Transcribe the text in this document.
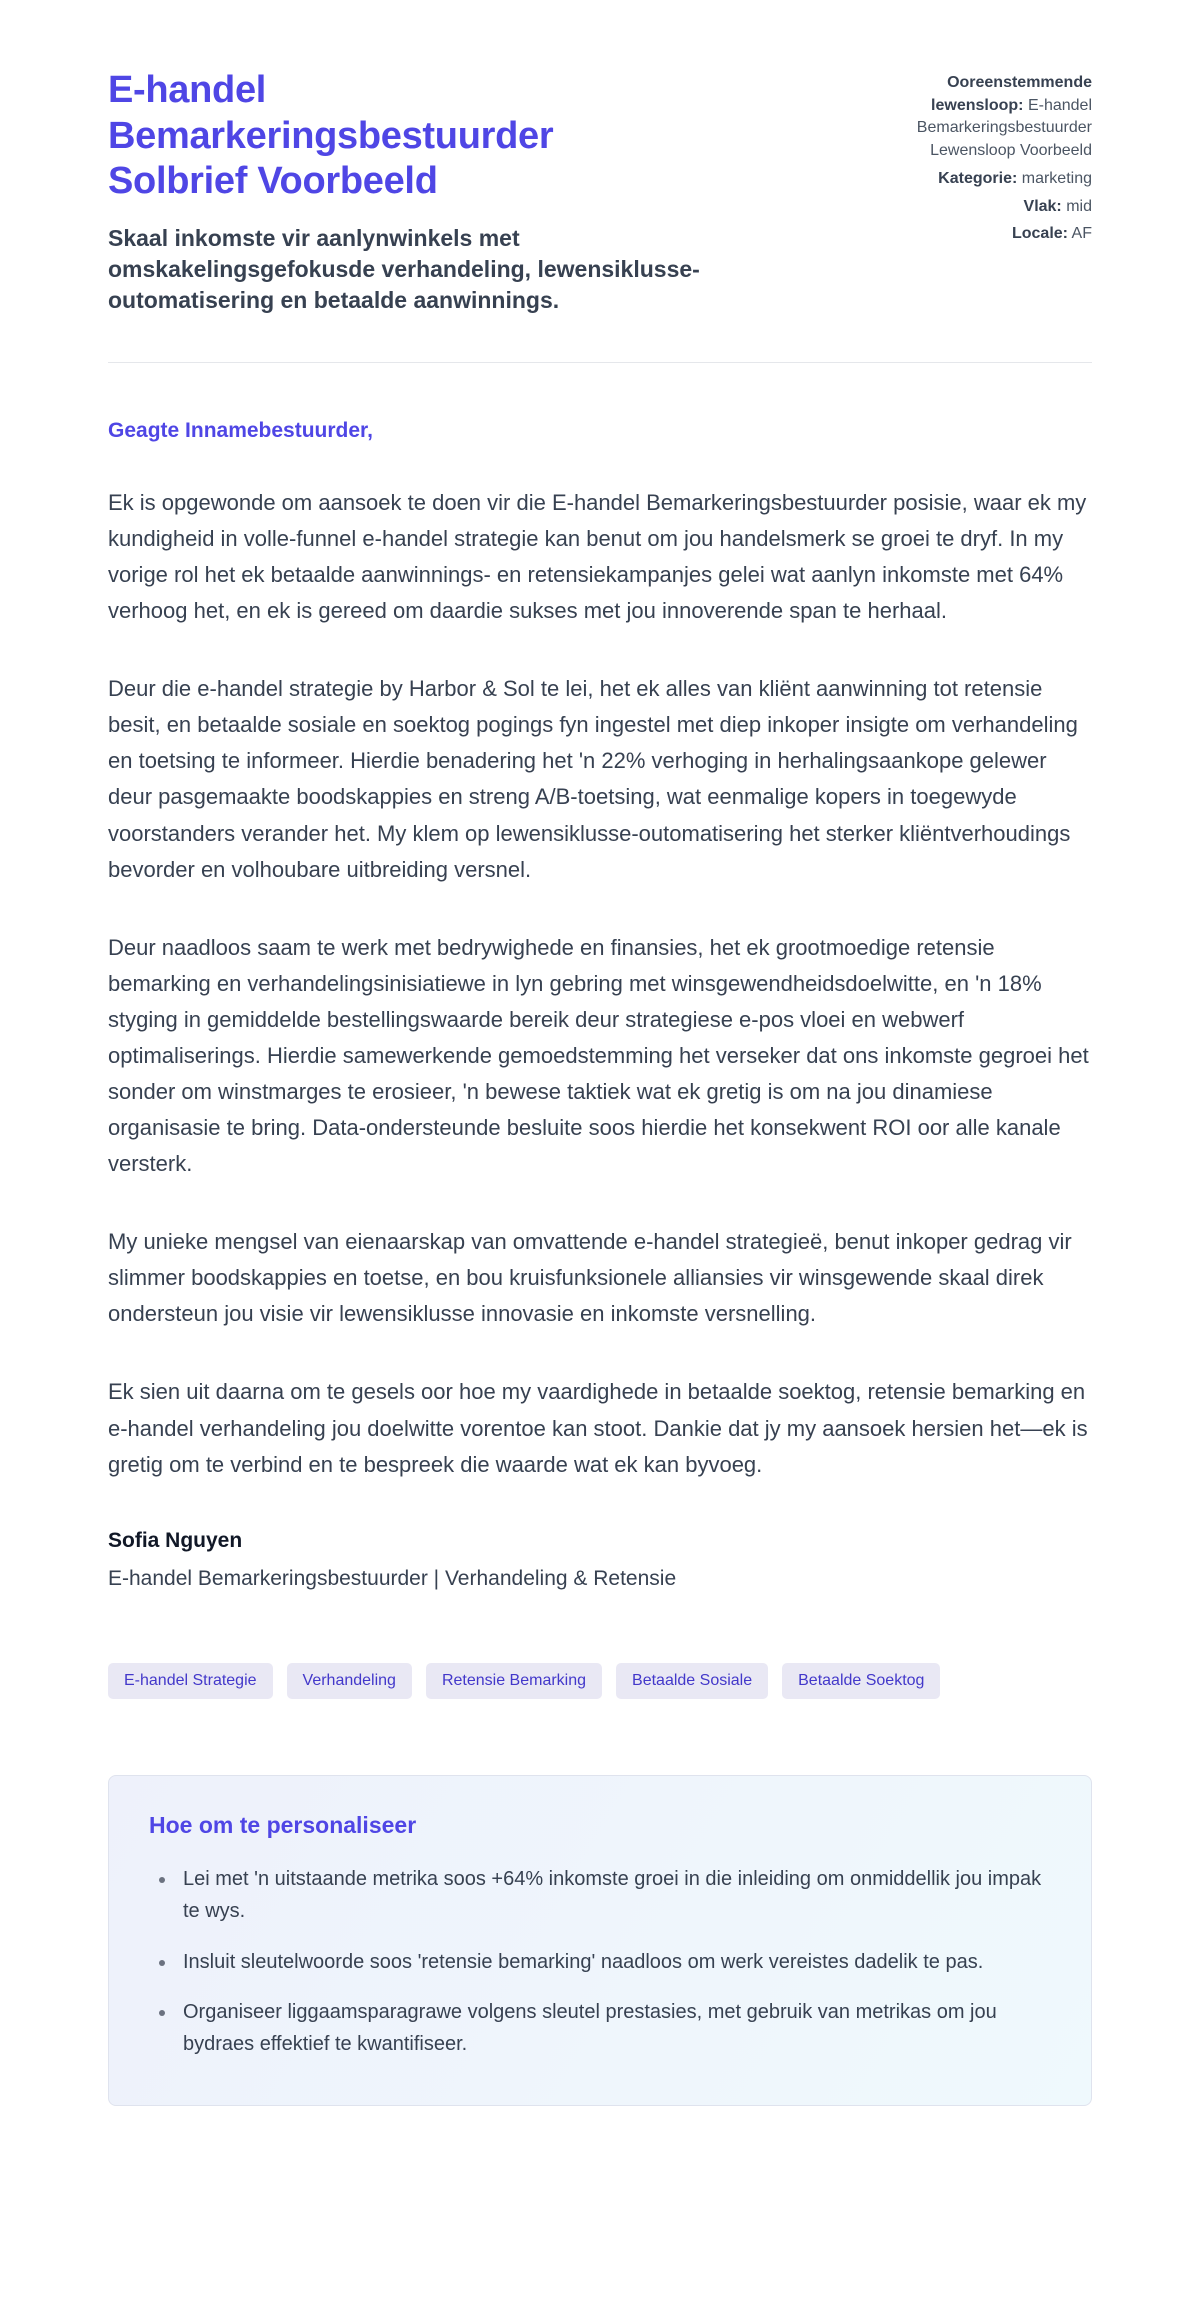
E-handel Bemarkeringsbestuurder Solbrief Voorbeeld

Skaal inkomste vir aanlynwinkels met omskakelingsgefokusde verhandeling, lewensiklusse-outomatisering en betaalde aanwinnings.

Ooreenstemmende lewensloop: E-handel Bemarkeringsbestuurder Lewensloop Voorbeeld

Kategorie: marketing

Vlak: mid

Locale: AF

Geagte Innamebestuurder,

Ek is opgewonde om aansoek te doen vir die E-handel Bemarkeringsbestuurder posisie, waar ek my kundigheid in volle-funnel e-handel strategie kan benut om jou handelsmerk se groei te dryf. In my vorige rol het ek betaalde aanwinnings- en retensiekampanjes gelei wat aanlyn inkomste met 64% verhoog het, en ek is gereed om daardie sukses met jou innoverende span te herhaal.

Deur die e-handel strategie by Harbor & Sol te lei, het ek alles van kliënt aanwinning tot retensie besit, en betaalde sosiale en soektog pogings fyn ingestel met diep inkoper insigte om verhandeling en toetsing te informeer. Hierdie benadering het 'n 22% verhoging in herhalingsaankope gelewer deur pasgemaakte boodskappies en streng A/B-toetsing, wat eenmalige kopers in toegewyde voorstanders verander het. My klem op lewensiklusse-outomatisering het sterker kliëntverhoudings bevorder en volhoubare uitbreiding versnel.

Deur naadloos saam te werk met bedrywighede en finansies, het ek grootmoedige retensie bemarking en verhandelingsinisiatiewe in lyn gebring met winsgewendheidsdoelwitte, en 'n 18% styging in gemiddelde bestellingswaarde bereik deur strategiese e-pos vloei en webwerf optimaliserings. Hierdie samewerkende gemoedstemming het verseker dat ons inkomste gegroei het sonder om winstmarges te erosieer, 'n bewese taktiek wat ek gretig is om na jou dinamiese organisasie te bring. Data-ondersteunde besluite soos hierdie het konsekwent ROI oor alle kanale versterk.

My unieke mengsel van eienaarskap van omvattende e-handel strategieë, benut inkoper gedrag vir slimmer boodskappies en toetse, en bou kruisfunksionele alliansies vir winsgewende skaal direk ondersteun jou visie vir lewensiklusse innovasie en inkomste versnelling.

Ek sien uit daarna om te gesels oor hoe my vaardighede in betaalde soektog, retensie bemarking en e-handel verhandeling jou doelwitte vorentoe kan stoot. Dankie dat jy my aansoek hersien het—ek is gretig om te verbind en te bespreek die waarde wat ek kan byvoeg.

Sofia Nguyen

E-handel Bemarkeringsbestuurder | Verhandeling & Retensie

E-handel Strategie	Verhandeling	Retensie Bemarking	Betaalde Sosiale	Betaalde Soektog
Hoe om te personaliseer
• Lei met 'n uitstaande metrika soos +64% inkomste groei in die inleiding om onmiddellik jou impak te wys.
• Insluit sleutelwoorde soos 'retensie bemarking' naadloos om werk vereistes dadelik te pas.
• Organiseer liggaamsparagrawe volgens sleutel prestasies, met gebruik van metrikas om jou bydraes effektief te kwantifiseer.
